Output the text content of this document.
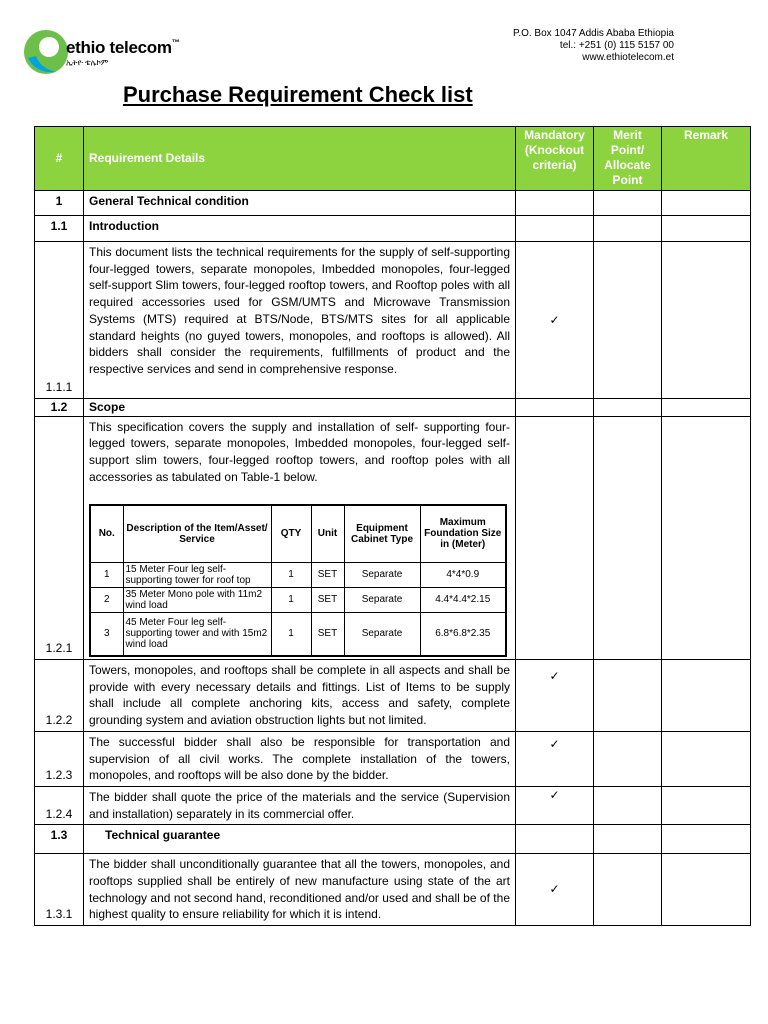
ethio telecom™
ኢትዮ ቴሌኮም
P.O. Box 1047 Addis Ababa Ethiopia
tel.: +251 (0) 115 5157 00
www.ethiotelecom.et
Purchase Requirement Check list
#	Requirement Details	Mandatory (Knockout criteria)	Merit Point/ Allocate Point	Remark
1	General Technical condition			
1.1	Introduction			
1.1.1	This document lists the technical requirements for the supply of self-supporting four-legged towers, separate monopoles, Imbedded monopoles, four-legged self-support Slim towers, four-legged rooftop towers, and Rooftop poles with all required accessories used for GSM/UMTS and Microwave Transmission Systems (MTS) required at BTS/Node, BTS/MTS sites for all applicable standard heights (no guyed towers, monopoles, and rooftops is allowed). All bidders shall consider the requirements, fulfillments of product and the respective services and send in comprehensive response.	✓		
1.2	Scope			
1.2.1	
This specification covers the supply and installation of self- supporting four-legged towers, separate monopoles, Imbedded monopoles, four-legged self-support slim towers, four-legged rooftop towers, and rooftop poles with all accessories as tabulated on Table-1 below.
No.	Description of the Item/Asset/ Service	QTY	Unit	Equipment Cabinet Type	Maximum Foundation Size in (Meter)
1	15 Meter Four leg self-supporting tower for roof top	1	SET	Separate	4*4*0.9
2	35 Meter Mono pole with 11m2 wind load	1	SET	Separate	4.4*4.4*2.15
3	45 Meter Four leg self-supporting tower and with 15m2 wind load	1	SET	Separate	6.8*6.8*2.35

1.2.2	Towers, monopoles, and rooftops shall be complete in all aspects and shall be provide with every necessary details and fittings. List of Items to be supply shall include all complete anchoring kits, access and safety, complete grounding system and aviation obstruction lights but not limited.	✓		
1.2.3	The successful bidder shall also be responsible for transportation and supervision of all civil works. The complete installation of the towers, monopoles, and rooftops will be also done by the bidder.	✓		
1.2.4	The bidder shall quote the price of the materials and the service (Supervision and installation) separately in its commercial offer.	✓		
1.3	Technical guarantee			
1.3.1	The bidder shall unconditionally guarantee that all the towers, monopoles, and rooftops supplied shall be entirely of new manufacture using state of the art technology and not second hand, reconditioned and/or used and shall be of the highest quality to ensure reliability for which it is intend.	✓		
